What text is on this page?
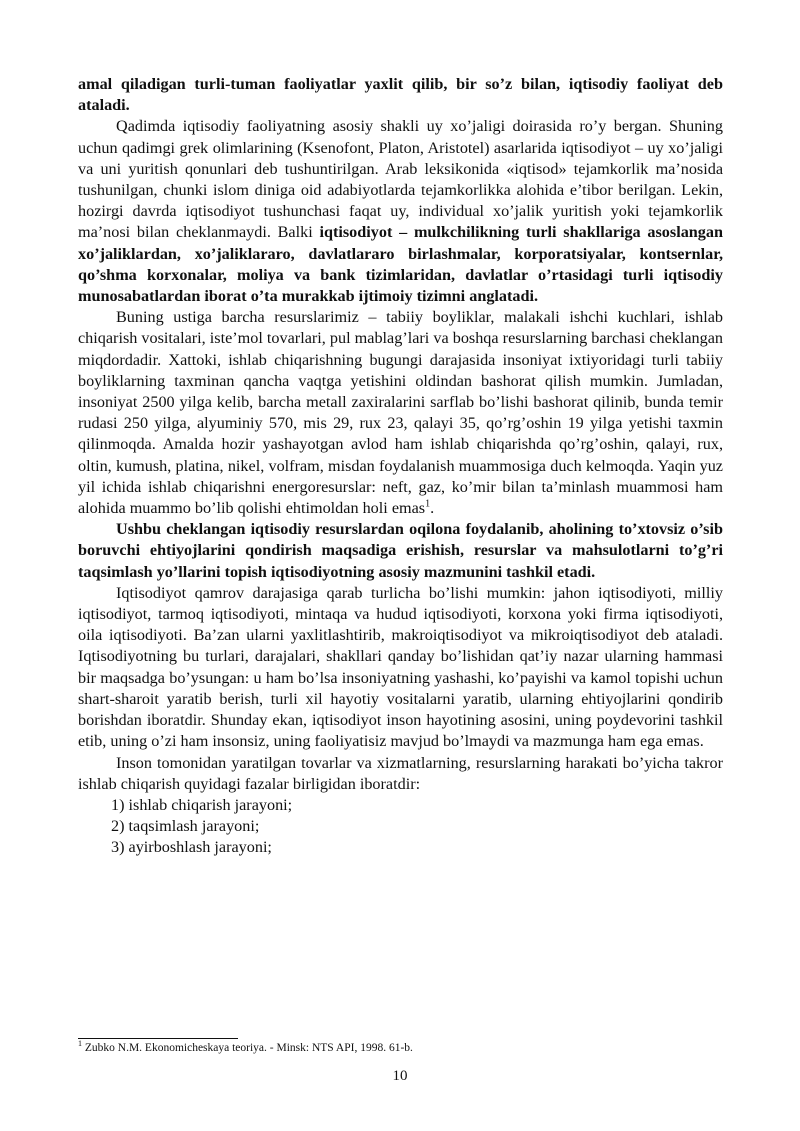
amal qiladigan turli-tuman faoliyatlar yaxlit qilib, bir so’z bilan, iqtisodiy faoliyat deb ataladi.

Qadimda iqtisodiy faoliyatning asosiy shakli uy xo’jaligi doirasida ro’y bergan. Shuning uchun qadimgi grek olimlarining (Ksenofont, Platon, Aristotel) asarlarida iqtisodiyot – uy xo’jaligi va uni yuritish qonunlari deb tushuntirilgan. Arab leksikonida «iqtisod» tejamkorlik ma’nosida tushunilgan, chunki islom diniga oid adabiyotlarda tejamkorlikka alohida e’tibor berilgan. Lekin, hozirgi davrda iqtisodiyot tushunchasi faqat uy, individual xo’jalik yuritish yoki tejamkorlik ma’nosi bilan cheklanmaydi. Balki iqtisodiyot – mulkchilikning turli shakllariga asoslangan xo’jaliklardan, xo’jaliklararo, davlatlararo birlashmalar, korporatsiyalar, kontsernlar, qo’shma korxonalar, moliya va bank tizimlaridan, davlatlar o’rtasidagi turli iqtisodiy munosabatlardan iborat o’ta murakkab ijtimoiy tizimni anglatadi.

Buning ustiga barcha resurslarimiz – tabiiy boyliklar, malakali ishchi kuchlari, ishlab chiqarish vositalari, iste’mol tovarlari, pul mablag’lari va boshqa resurslarning barchasi cheklangan miqdordadir. Xattoki, ishlab chiqarishning bugungi darajasida insoniyat ixtiyoridagi turli tabiiy boyliklarning taxminan qancha vaqtga yetishini oldindan bashorat qilish mumkin. Jumladan, insoniyat 2500 yilga kelib, barcha metall zaxiralarini sarflab bo’lishi bashorat qilinib, bunda temir rudasi 250 yilga, alyuminiy 570, mis 29, rux 23, qalayi 35, qo’rg’oshin 19 yilga yetishi taxmin qilinmoqda. Amalda hozir yashayotgan avlod ham ishlab chiqarishda qo’rg’oshin, qalayi, rux, oltin, kumush, platina, nikel, volfram, misdan foydalanish muammosiga duch kelmoqda. Yaqin yuz yil ichida ishlab chiqarishni energoresurslar: neft, gaz, ko’mir bilan ta’minlash muammosi ham alohida muammo bo’lib qolishi ehtimoldan holi emas$^1$.

Ushbu cheklangan iqtisodiy resurslardan oqilona foydalanib, aholining to’xtovsiz o’sib boruvchi ehtiyojlarini qondirish maqsadiga erishish, resurslar va mahsulotlarni to’g’ri taqsimlash yo’llarini topish iqtisodiyotning asosiy mazmunini tashkil etadi.

Iqtisodiyot qamrov darajasiga qarab turlicha bo’lishi mumkin: jahon iqtisodiyoti, milliy iqtisodiyot, tarmoq iqtisodiyoti, mintaqa va hudud iqtisodiyoti, korxona yoki firma iqtisodiyoti, oila iqtisodiyoti. Ba’zan ularni yaxlitlashtirib, makroiqtisodiyot va mikroiqtisodiyot deb ataladi. Iqtisodiyotning bu turlari, darajalari, shakllari qanday bo’lishidan qat’iy nazar ularning hammasi bir maqsadga bo’ysungan: u ham bo’lsa insoniyatning yashashi, ko’payishi va kamol topishi uchun shart-sharoit yaratib berish, turli xil hayotiy vositalarni yaratib, ularning ehtiyojlarini qondirib borishdan iboratdir. Shunday ekan, iqtisodiyot inson hayotining asosini, uning poydevorini tashkil etib, uning o’zi ham insonsiz, uning faoliyatisiz mavjud bo’lmaydi va mazmunga ham ega emas.

Inson tomonidan yaratilgan tovarlar va xizmatlarning, resurslarning harakati bo’yicha takror ishlab chiqarish quyidagi fazalar birligidan iboratdir:

1) ishlab chiqarish jarayoni;
2) taqsimlash jarayoni;
3) ayirboshlash jarayoni;
$^1$ Zubko N.M. Ekonomicheskaya teoriya. - Minsk: NTS API, 1998. 61-b.
10
